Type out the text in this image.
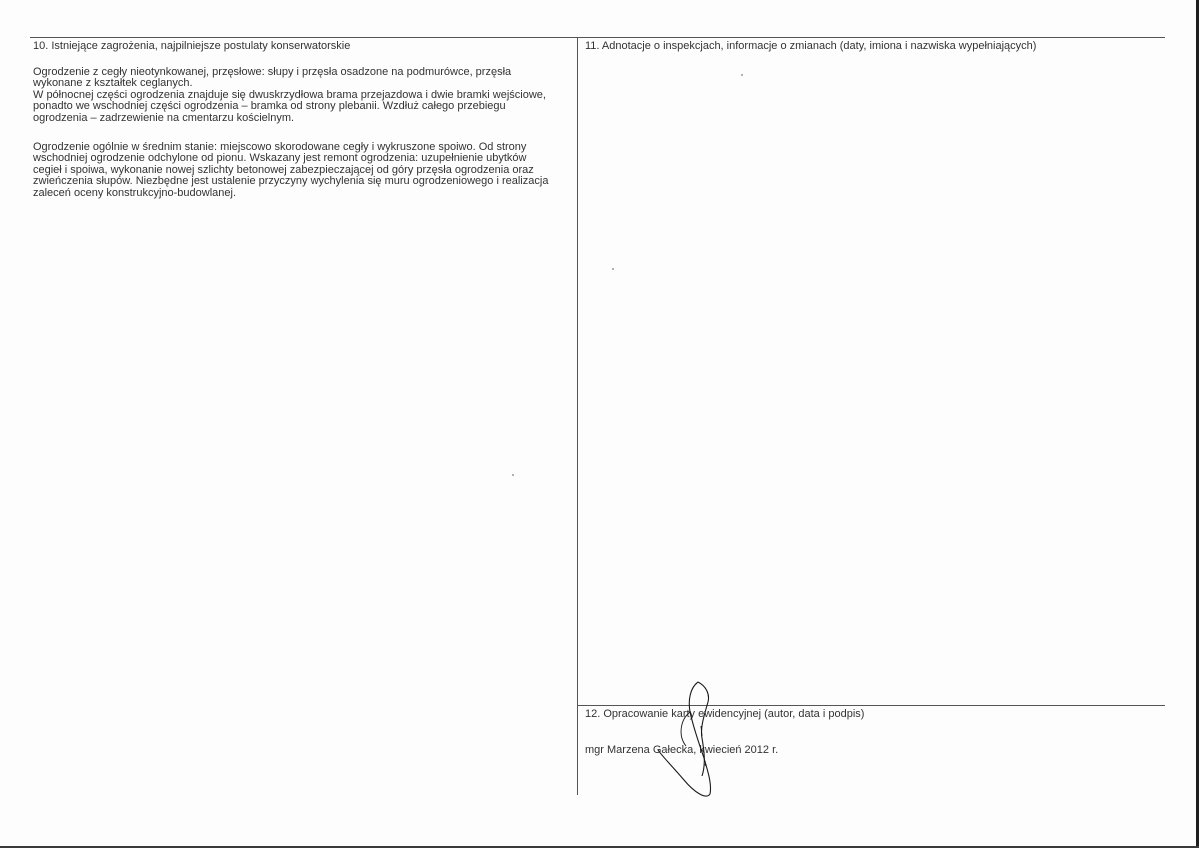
10. Istniejące zagrożenia, najpilniejsze postulaty konserwatorskie
Ogrodzenie z cegły nieotynkowanej, przęsłowe: słupy i przęsła osadzone na podmurówce, przęsła
wykonane z kształtek ceglanych.
W północnej części ogrodzenia znajduje się dwuskrzydłowa brama przejazdowa i dwie bramki wejściowe,
ponadto we wschodniej części ogrodzenia – bramka od strony plebanii. Wzdłuż całego przebiegu
ogrodzenia – zadrzewienie na cmentarzu kościelnym.
Ogrodzenie ogólnie w średnim stanie: miejscowo skorodowane cegły i wykruszone spoiwo. Od strony
wschodniej ogrodzenie odchylone od pionu. Wskazany jest remont ogrodzenia: uzupełnienie ubytków
cegieł i spoiwa, wykonanie nowej szlichty betonowej zabezpieczającej od góry przęsła ogrodzenia oraz
zwieńczenia słupów. Niezbędne jest ustalenie przyczyny wychylenia się muru ogrodzeniowego i realizacja
zaleceń oceny konstrukcyjno-budowlanej.
11. Adnotacje o inspekcjach, informacje o zmianach (daty, imiona i nazwiska wypełniających)
12. Opracowanie karty ewidencyjnej (autor, data i podpis)
mgr Marzena Gałecka, kwiecień 2012 r.
